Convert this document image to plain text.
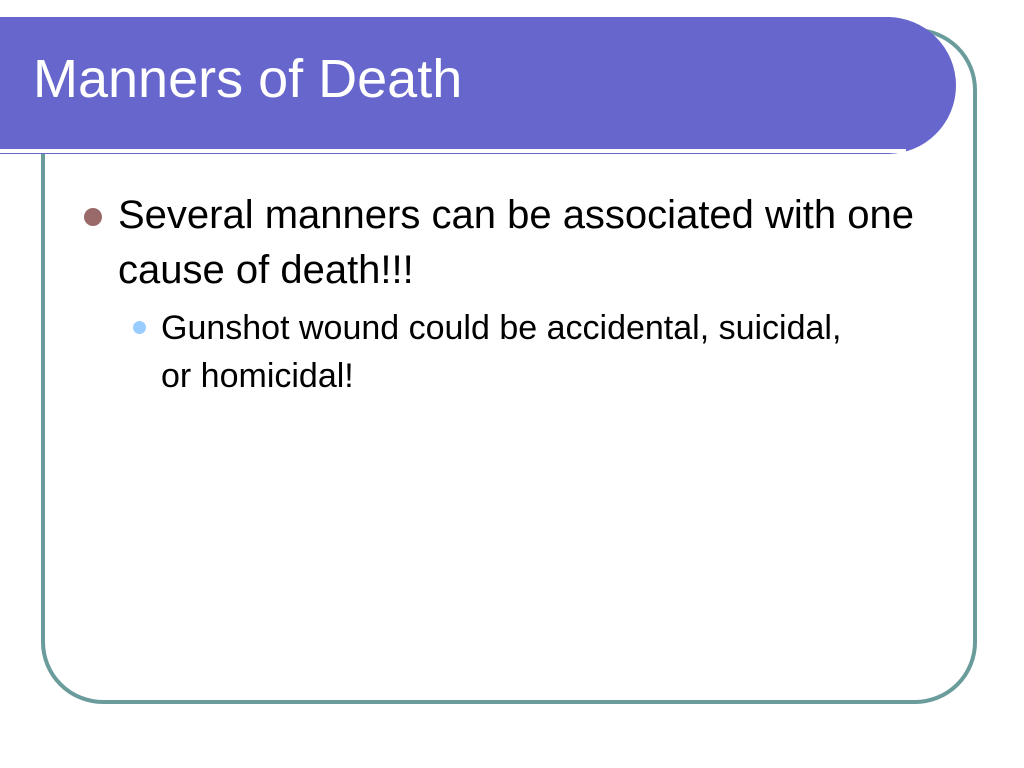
Manners of Death
Several manners can be associated with one cause of death!!!
Gunshot wound could be accidental, suicidal, or homicidal!
